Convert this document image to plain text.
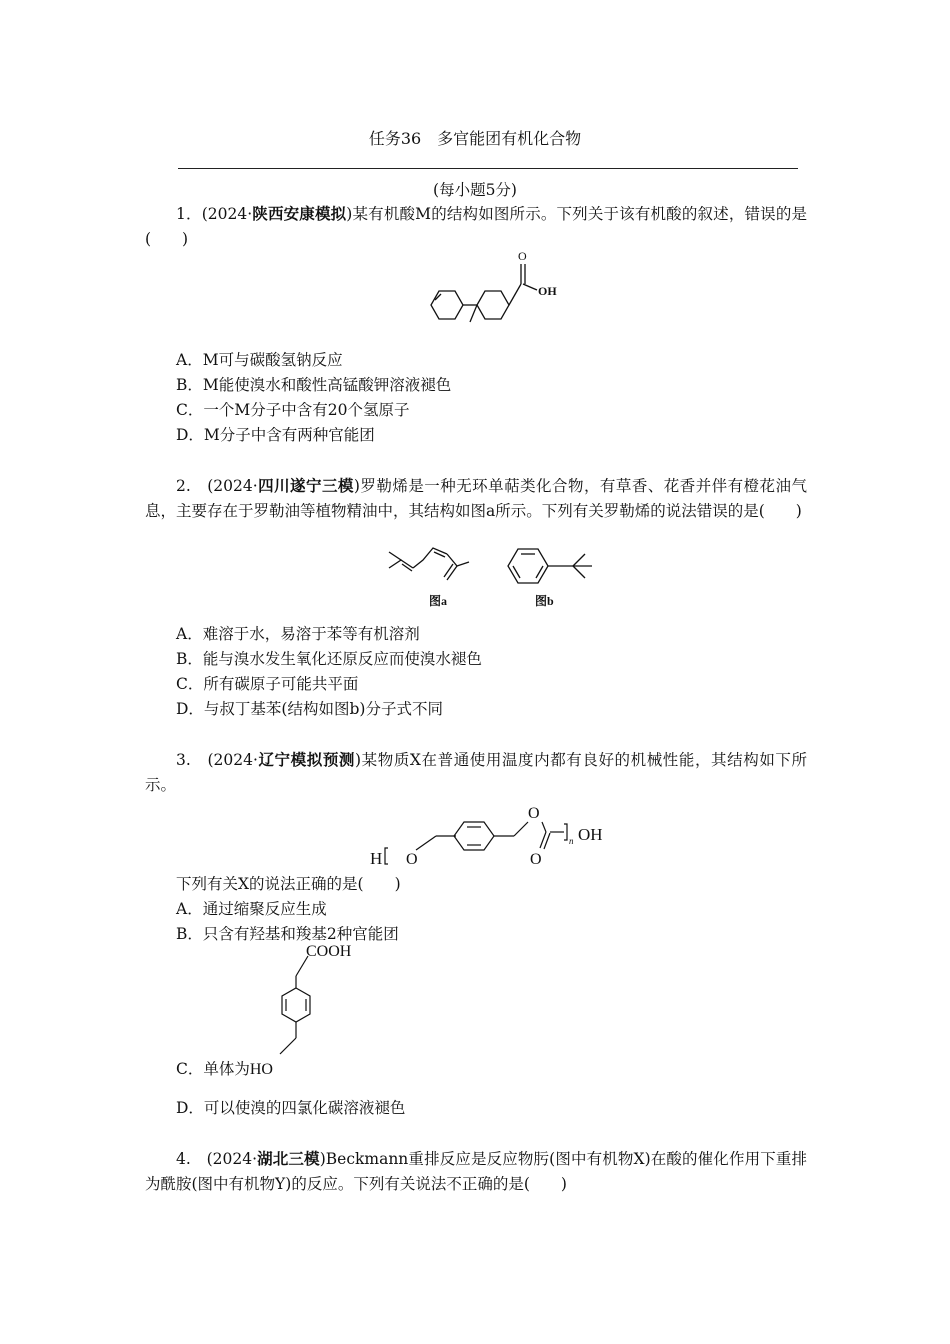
任务36　多官能团有机化合物
(每小题5分)
1．(2024·陕西安康模拟)某有机酸M的结构如图所示。下列关于该有机酸的叙述，错误的是(　　)
O
OH
A．M可与碳酸氢钠反应
B．M能使溴水和酸性高锰酸钾溶液褪色
C．一个M分子中含有20个氢原子
D．M分子中含有两种官能团
2.　(2024·四川遂宁三模)罗勒烯是一种无环单萜类化合物，有草香、花香并伴有橙花油气息，主要存在于罗勒油等植物精油中，其结构如图a所示。下列有关罗勒烯的说法错误的是(　　)
图a	图b
A．难溶于水，易溶于苯等有机溶剂
B．能与溴水发生氧化还原反应而使溴水褪色
C．所有碳原子可能共平面
D．与叔丁基苯(结构如图b)分子式不同
3.　(2024·辽宁模拟预测)某物质X在普通使用温度内都有良好的机械性能，其结构如下所示。
H O
O
O
n OH
下列有关X的说法正确的是(　　)
A．通过缩聚反应生成
B．只含有羟基和羧基2种官能团
COOH
C．单体为HO
D．可以使溴的四氯化碳溶液褪色
4.　(2024·湖北三模)Beckmann重排反应是反应物肟(图中有机物X)在酸的催化作用下重排为酰胺(图中有机物Y)的反应。下列有关说法不正确的是(　　)
